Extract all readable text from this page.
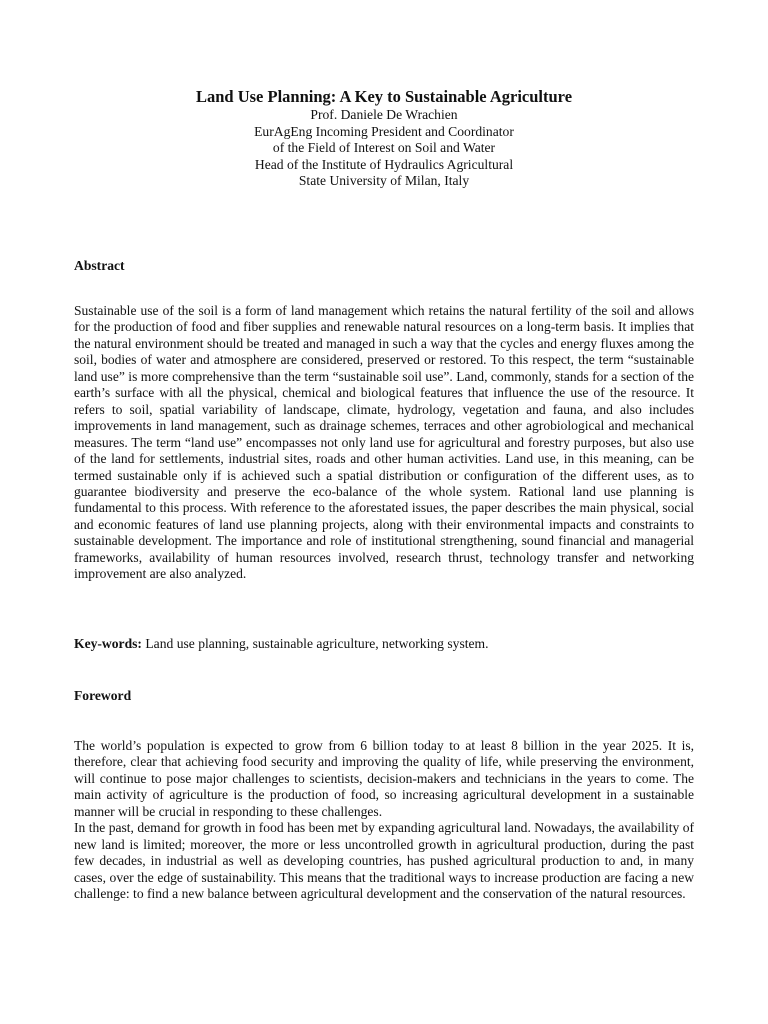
Land Use Planning: A Key to Sustainable Agriculture
Prof. Daniele De Wrachien
EurAgEng Incoming President and Coordinator
of the Field of Interest on Soil and Water
Head of the Institute of Hydraulics Agricultural
State University of Milan, Italy
Abstract

Sustainable use of the soil is a form of land management which retains the natural fertility of the soil and allows for the production of food and fiber supplies and renewable natural resources on a long-term basis. It implies that the natural environment should be treated and managed in such a way that the cycles and energy fluxes among the soil, bodies of water and atmosphere are considered, preserved or restored. To this respect, the term “sustainable land use” is more comprehensive than the term “sustainable soil use”. Land, commonly, stands for a section of the earth’s surface with all the physical, chemical and biological features that influence the use of the resource. It refers to soil, spatial variability of landscape, climate, hydrology, vegetation and fauna, and also includes improvements in land management, such as drainage schemes, terraces and other agrobiological and mechanical measures. The term “land use” encompasses not only land use for agricultural and forestry purposes, but also use of the land for settlements, industrial sites, roads and other human activities. Land use, in this meaning, can be termed sustainable only if is achieved such a spatial distribution or configuration of the different uses, as to guarantee biodiversity and preserve the eco-balance of the whole system. Rational land use planning is fundamental to this process. With reference to the aforestated issues, the paper describes the main physical, social and economic features of land use planning projects, along with their environmental impacts and constraints to sustainable development. The importance and role of institutional strengthening, sound financial and managerial frameworks, availability of human resources involved, research thrust, technology transfer and networking improvement are also analyzed.

Key-words: Land use planning, sustainable agriculture, networking system.
Foreword

The world’s population is expected to grow from 6 billion today to at least 8 billion in the year 2025. It is, therefore, clear that achieving food security and improving the quality of life, while preserving the environment, will continue to pose major challenges to scientists, decision-makers and technicians in the years to come. The main activity of agriculture is the production of food, so increasing agricultural development in a sustainable manner will be crucial in responding to these challenges.

In the past, demand for growth in food has been met by expanding agricultural land. Nowadays, the availability of new land is limited; moreover, the more or less uncontrolled growth in agricultural production, during the past few decades, in industrial as well as developing countries, has pushed agricultural production to and, in many cases, over the edge of sustainability. This means that the traditional ways to increase production are facing a new challenge: to find a new balance between agricultural development and the conservation of the natural resources.
